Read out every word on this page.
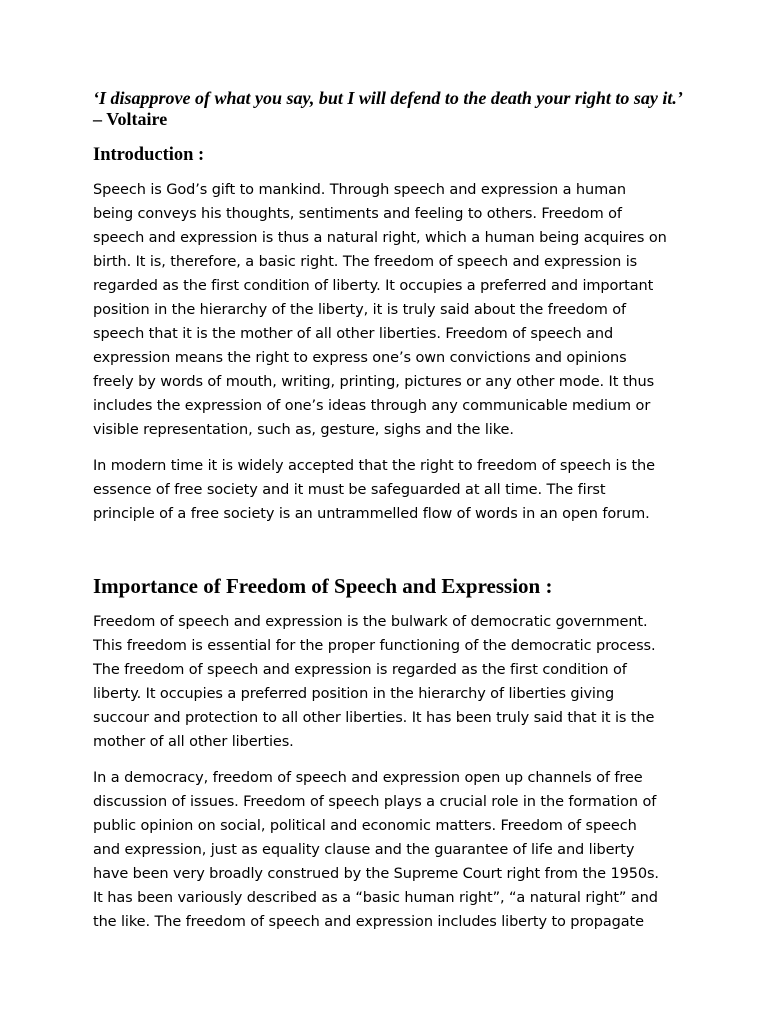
‘I disapprove of what you say, but I will defend to the death your right to say it.’ – Voltaire
Introduction :
Speech is God’s gift to mankind. Through speech and expression a human
being conveys his thoughts, sentiments and feeling to others. Freedom of
speech and expression is thus a natural right, which a human being acquires on
birth. It is, therefore, a basic right. The freedom of speech and expression is
regarded as the first condition of liberty. It occupies a preferred and important
position in the hierarchy of the liberty, it is truly said about the freedom of
speech that it is the mother of all other liberties. Freedom of speech and
expression means the right to express one’s own convictions and opinions
freely by words of mouth, writing, printing, pictures or any other mode. It thus
includes the expression of one’s ideas through any communicable medium or
visible representation, such as, gesture, sighs and the like.
In modern time it is widely accepted that the right to freedom of speech is the
essence of free society and it must be safeguarded at all time. The first
principle of a free society is an untrammelled flow of words in an open forum.
Importance of Freedom of Speech and Expression :
Freedom of speech and expression is the bulwark of democratic government.
This freedom is essential for the proper functioning of the democratic process.
The freedom of speech and expression is regarded as the first condition of
liberty. It occupies a preferred position in the hierarchy of liberties giving
succour and protection to all other liberties. It has been truly said that it is the
mother of all other liberties.
In a democracy, freedom of speech and expression open up channels of free
discussion of issues. Freedom of speech plays a crucial role in the formation of
public opinion on social, political and economic matters. Freedom of speech
and expression, just as equality clause and the guarantee of life and liberty
have been very broadly construed by the Supreme Court right from the 1950s.
It has been variously described as a “basic human right”, “a natural right” and
the like. The freedom of speech and expression includes liberty to propagate
